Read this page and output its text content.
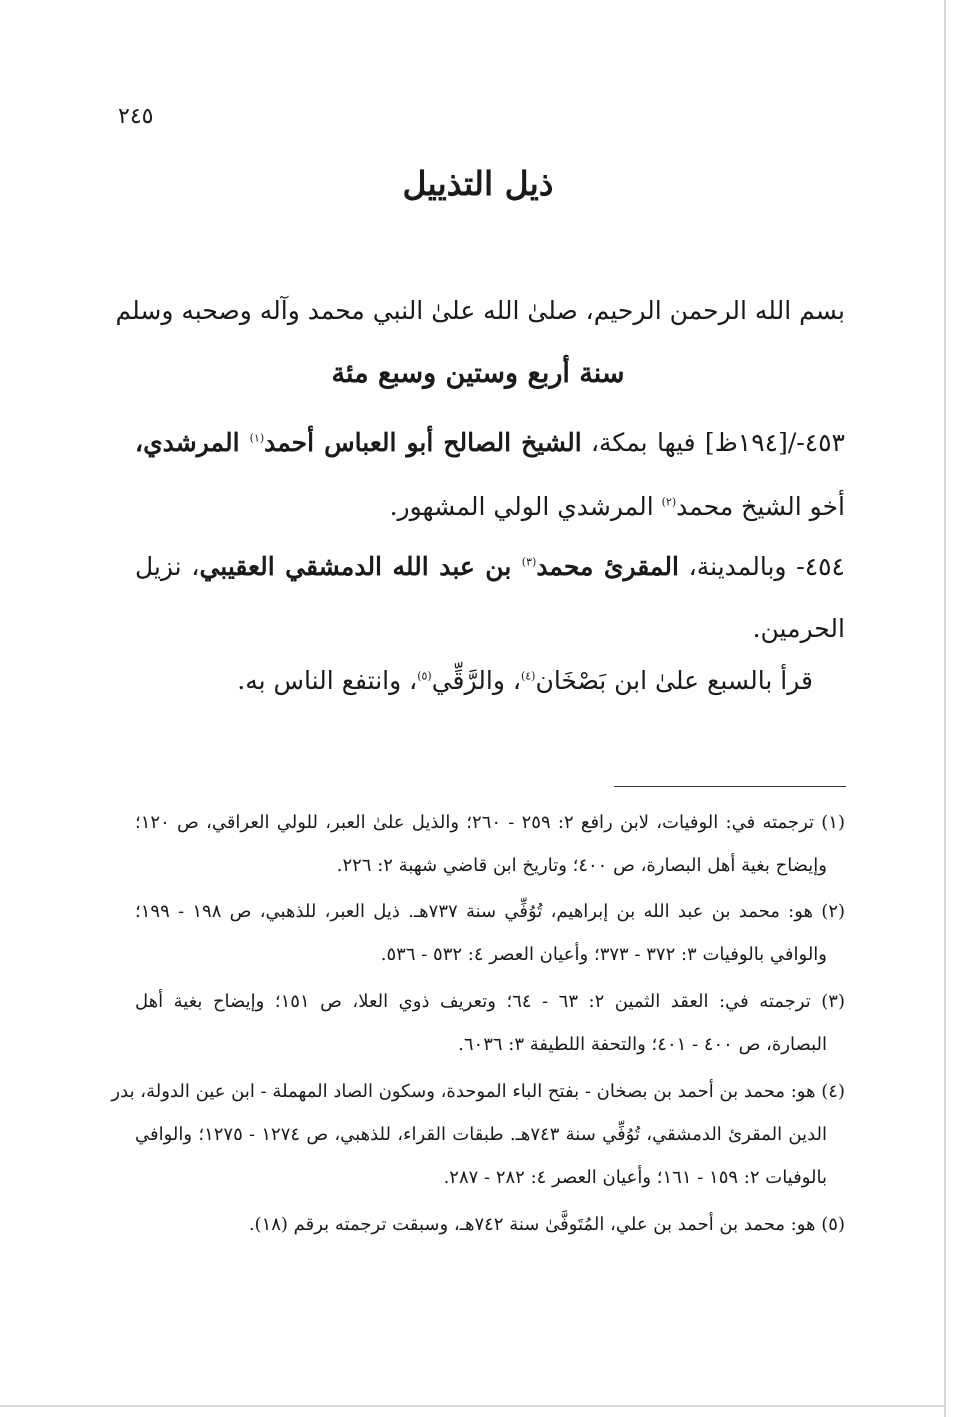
٢٤٥
ذيل التذييل
بسم الله الرحمن الرحيم، صلىٰ الله علىٰ النبي محمد وآله وصحبه وسلم
سنة أربع وستين وسبع مئة
٤٥٣-/[١٩٤ظ] فيها بمكة، الشيخ الصالح أبو العباس أحمد$^{(١)}$ المرشدي،
أخو الشيخ محمد$^{(٢)}$ المرشدي الولي المشهور.
٤٥٤- وبالمدينة، المقرئ محمد$^{(٣)}$ بن عبد الله الدمشقي العقيبي، نزيل
الحرمين.
قرأ بالسبع علىٰ ابن بَصْخَان$^{(٤)}$، والرَّقِّي$^{(٥)}$، وانتفع الناس به.
(١) ترجمته في: الوفيات، لابن رافع ٢: ٢٥٩ - ٢٦٠؛ والذيل علىٰ العبر، للولي العراقي، ص ١٢٠؛
وإيضاح بغية أهل البصارة، ص ٤٠٠؛ وتاريخ ابن قاضي شهبة ٢: ٢٢٦.
(٢) هو: محمد بن عبد الله بن إبراهيم، تُوُفِّي سنة ٧٣٧هـ. ذيل العبر، للذهبي، ص ١٩٨ - ١٩٩؛
والوافي بالوفيات ٣: ٣٧٢ - ٣٧٣؛ وأعيان العصر ٤: ٥٣٢ - ٥٣٦.
(٣) ترجمته في: العقد الثمين ٢: ٦٣ - ٦٤؛ وتعريف ذوي العلا، ص ١٥١؛ وإيضاح بغية أهل
البصارة، ص ٤٠٠ - ٤٠١؛ والتحفة اللطيفة ٣: ٦٠٣٦.
(٤) هو: محمد بن أحمد بن بصخان - بفتح الباء الموحدة، وسكون الصاد المهملة - ابن عين الدولة، بدر
الدين المقرئ الدمشقي، تُوُفِّي سنة ٧٤٣هـ. طبقات القراء، للذهبي، ص ١٢٧٤ - ١٢٧٥؛ والوافي
بالوفيات ٢: ١٥٩ - ١٦١؛ وأعيان العصر ٤: ٢٨٢ - ٢٨٧.
(٥) هو: محمد بن أحمد بن علي، المُتَوفَّىٰ سنة ٧٤٢هـ، وسبقت ترجمته برقم (١٨).
